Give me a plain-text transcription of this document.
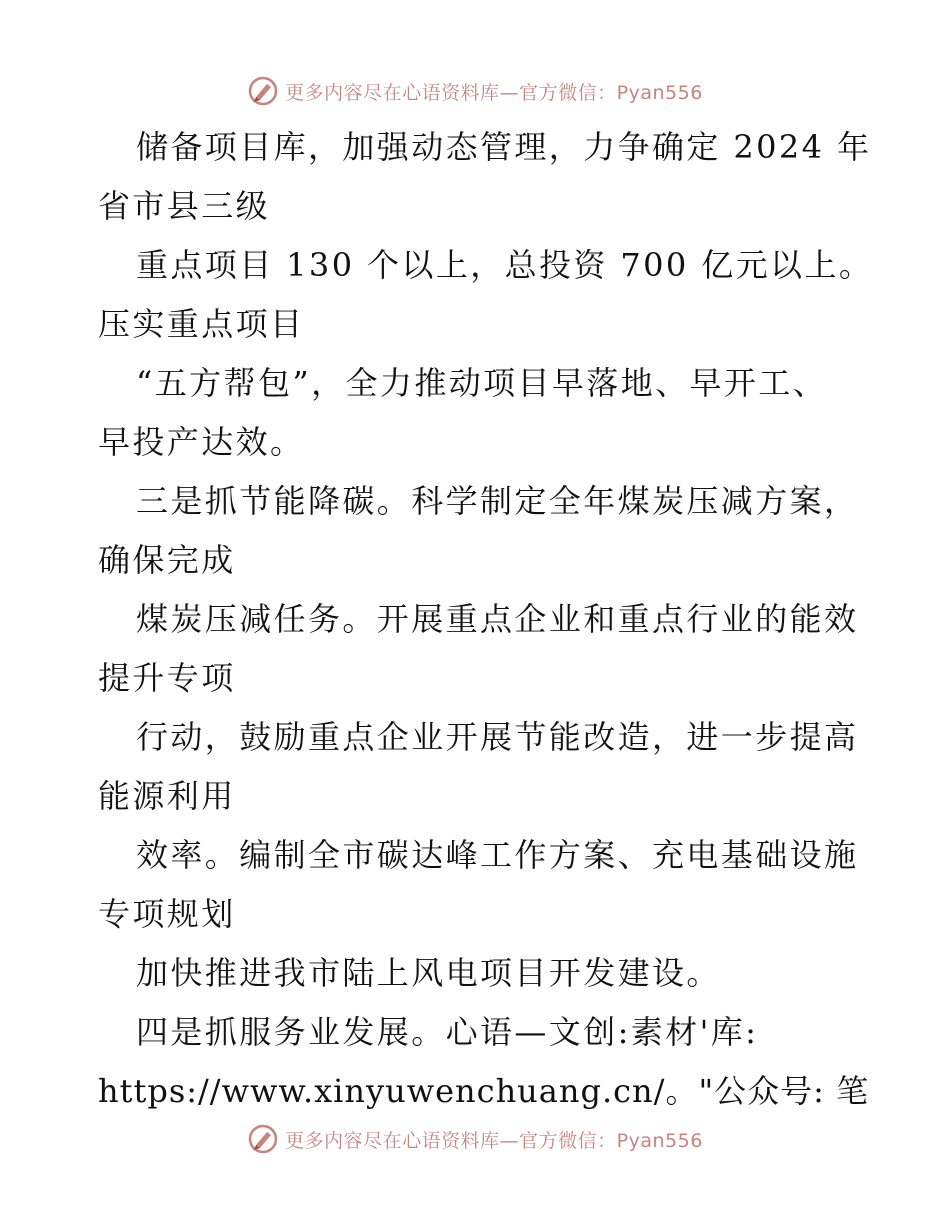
更多内容尽在心语资料库—官方微信：Pyan556
储备项目库，加强动态管理，力争确定 2024 年
省市县三级
重点项目 130 个以上，总投资 700 亿元以上。
压实重点项目
“五方帮包”，全力推动项目早落地、早开工、
早投产达效。
三是抓节能降碳。科学制定全年煤炭压减方案，
确保完成
煤炭压减任务。开展重点企业和重点行业的能效
提升专项
行动，鼓励重点企业开展节能改造，进一步提高
能源利用
效率。编制全市碳达峰工作方案、充电基础设施
专项规划
加快推进我市陆上风电项目开发建设。
四是抓服务业发展。心语—文创:素材'库:
https://www.xinyuwenchuang.cn/。"公众号: 笔
更多内容尽在心语资料库—官方微信：Pyan556
